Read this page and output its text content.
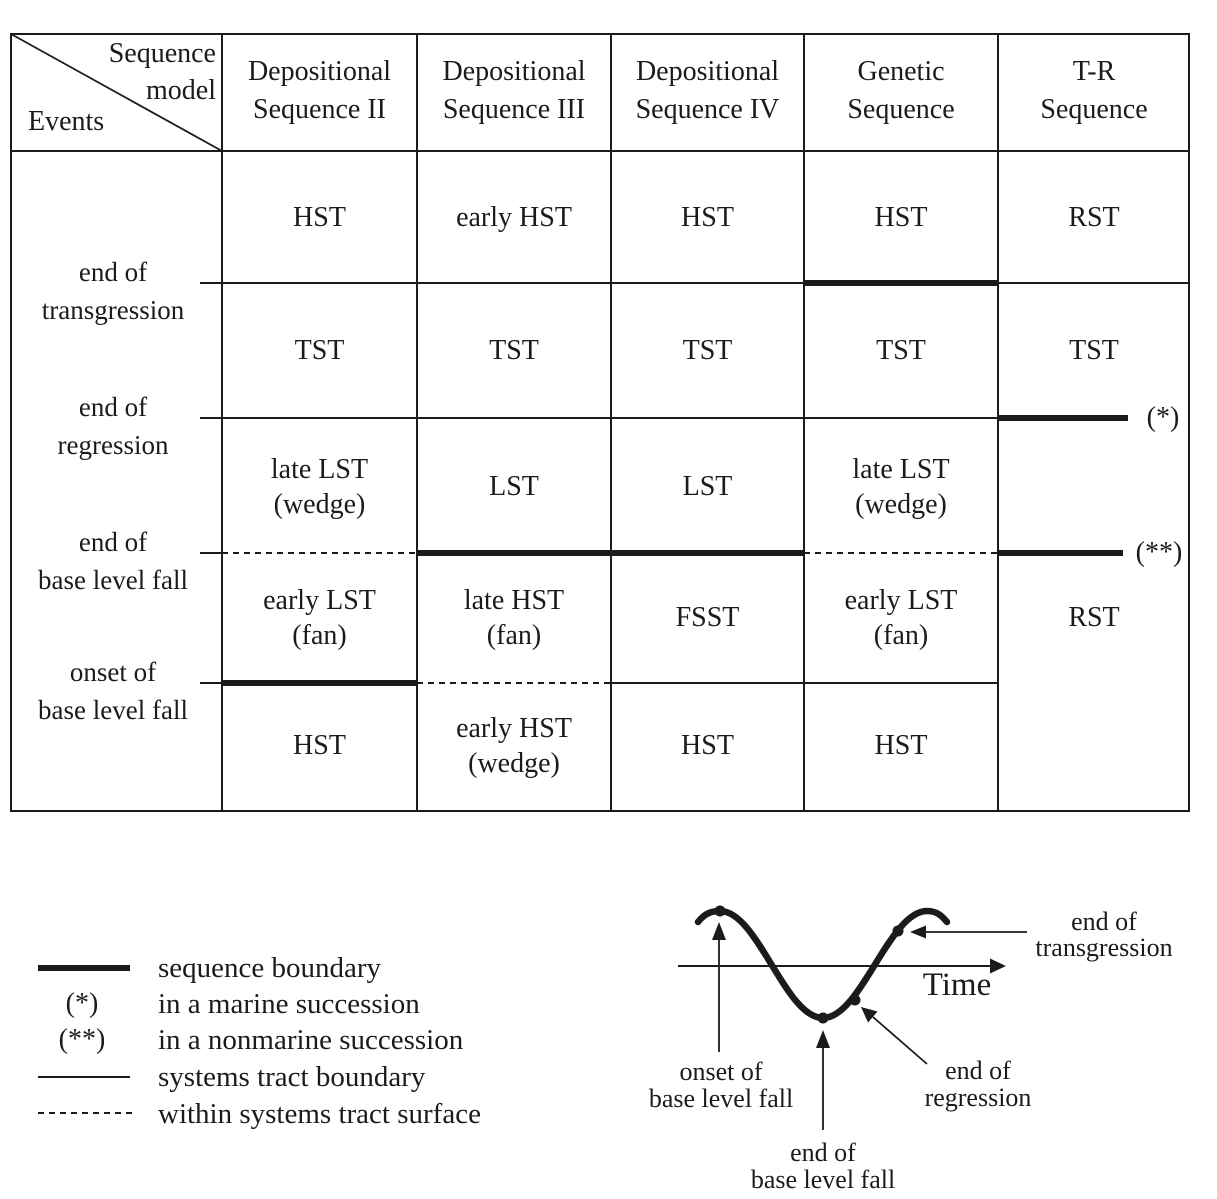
Sequence
model
Events
Depositional
Sequence II
Depositional
Sequence III
Depositional
Sequence IV
Genetic
Sequence
T-R
Sequence
end of
transgression
end of
regression
end of
base level fall
onset of
base level fall
(*)
(**)
HST
TST
late LST
(wedge)
early LST
(fan)
HST
early HST
TST
LST
late HST
(fan)
early HST
(wedge)
HST
TST
LST
FSST
HST
HST
TST
late LST
(wedge)
early LST
(fan)
HST
RST
TST
RST
sequence boundary
(*)	in a marine succession
(**)	in a nonmarine succession
systems tract boundary
within systems tract surface
Time
onset of
base level fall
end of
base level fall
end of
regression
end of
transgression
